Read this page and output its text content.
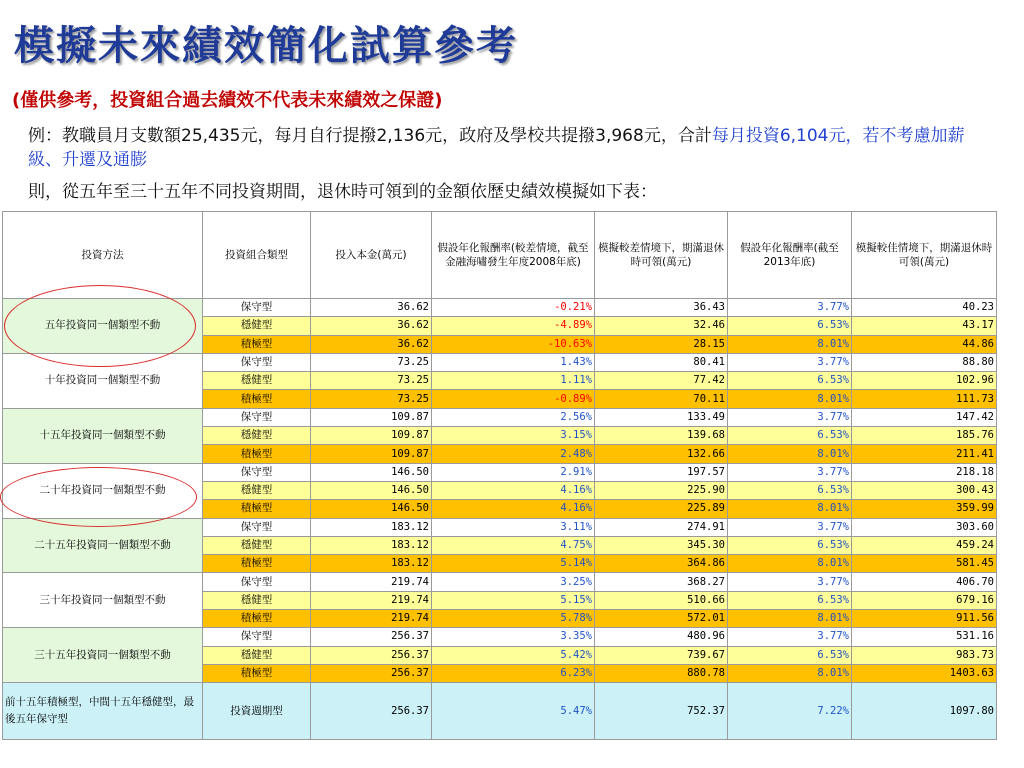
模擬未來績效簡化試算參考
(僅供參考，投資組合過去績效不代表未來績效之保證)
例：教職員月支數額25,435元，每月自行提撥2,136元，政府及學校共提撥3,968元，合計每月投資6,104元，若不考慮加薪級、升遷及通膨
則，從五年至三十五年不同投資期間，退休時可領到的金額依歷史績效模擬如下表：
投資方法	投資組合類型	投入本金(萬元)	假設年化報酬率(較差情境，截至金融海嘯發生年度2008年底)	模擬較差情境下，期滿退休時可領(萬元)	假設年化報酬率(截至2013年底)	模擬較佳情境下，期滿退休時可領(萬元)
五年投資同一個類型不動	保守型	36.62	-0.21%	36.43	3.77%	40.23
	穩健型	36.62	-4.89%	32.46	6.53%	43.17
	積極型	36.62	-10.63%	28.15	8.01%	44.86
十年投資同一個類型不動	保守型	73.25	1.43%	80.41	3.77%	88.80
	穩健型	73.25	1.11%	77.42	6.53%	102.96
	積極型	73.25	-0.89%	70.11	8.01%	111.73
十五年投資同一個類型不動	保守型	109.87	2.56%	133.49	3.77%	147.42
	穩健型	109.87	3.15%	139.68	6.53%	185.76
	積極型	109.87	2.48%	132.66	8.01%	211.41
二十年投資同一個類型不動	保守型	146.50	2.91%	197.57	3.77%	218.18
	穩健型	146.50	4.16%	225.90	6.53%	300.43
	積極型	146.50	4.16%	225.89	8.01%	359.99
二十五年投資同一個類型不動	保守型	183.12	3.11%	274.91	3.77%	303.60
	穩健型	183.12	4.75%	345.30	6.53%	459.24
	積極型	183.12	5.14%	364.86	8.01%	581.45
三十年投資同一個類型不動	保守型	219.74	3.25%	368.27	3.77%	406.70
	穩健型	219.74	5.15%	510.66	6.53%	679.16
	積極型	219.74	5.78%	572.01	8.01%	911.56
三十五年投資同一個類型不動	保守型	256.37	3.35%	480.96	3.77%	531.16
	穩健型	256.37	5.42%	739.67	6.53%	983.73
	積極型	256.37	6.23%	880.78	8.01%	1403.63
前十五年積極型，中間十五年穩健型，最後五年保守型	投資週期型	256.37	5.47%	752.37	7.22%	1097.80
